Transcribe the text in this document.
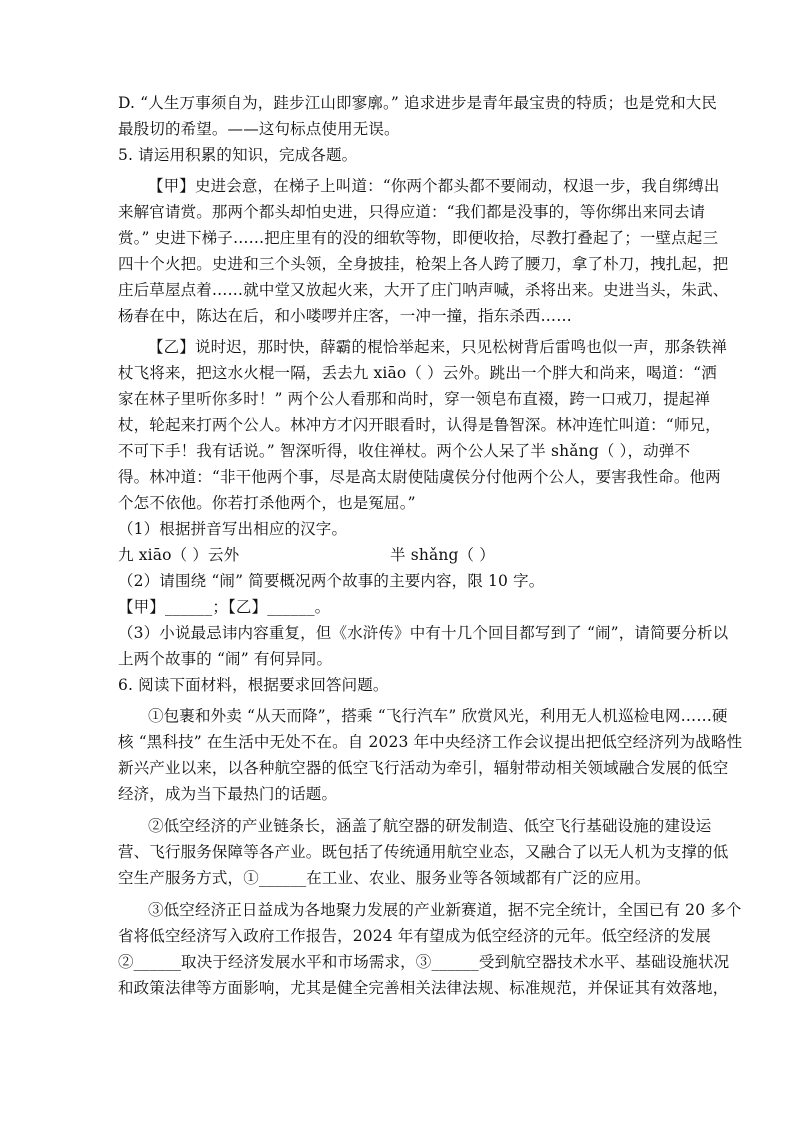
D. “人生万事须自为，跬步江山即寥廓。” 追求进步是青年最宝贵的特质；也是党和大民
最殷切的希望。——这句标点使用无误。
5. 请运用积累的知识，完成各题。
【甲】史进会意，在梯子上叫道：“你两个都头都不要闹动，权退一步，我自绑缚出
来解官请赏。那两个都头却怕史进，只得应道：“我们都是没事的，等你绑出来同去请
赏。” 史进下梯子……把庄里有的没的细软等物，即便收拾，尽教打叠起了；一壁点起三
四十个火把。史进和三个头领，全身披挂，枪架上各人跨了腰刀，拿了朴刀，拽扎起，把
庄后草屋点着……就中堂又放起火来，大开了庄门呐声喊，杀将出来。史进当头，朱武、
杨春在中，陈达在后，和小喽啰并庄客，一冲一撞，指东杀西……
【乙】说时迟，那时快，薛霸的棍恰举起来，只见松树背后雷鸣也似一声，那条铁禅
杖飞将来，把这水火棍一隔，丢去九 xiāo（ ）云外。跳出一个胖大和尚来，喝道：“洒
家在林子里听你多时！” 两个公人看那和尚时，穿一领皂布直裰，跨一口戒刀，提起禅
杖，轮起来打两个公人。林冲方才闪开眼看时，认得是鲁智深。林冲连忙叫道：“师兄，
不可下手！我有话说。” 智深听得，收住禅杖。两个公人呆了半 shǎng（ ），动弹不
得。林冲道：“非干他两个事，尽是高太尉使陆虞侯分付他两个公人，要害我性命。他两
个怎不依他。你若打杀他两个，也是冤屈。”
（1）根据拼音写出相应的汉字。
九 xiāo（ ）云外	半 shǎng（ ）
（2）请围绕 “闹” 简要概况两个故事的主要内容，限 10 字。
【甲】______；【乙】______。
（3）小说最忌讳内容重复，但《水浒传》中有十几个回目都写到了 “闹”，请简要分析以
上两个故事的 “闹” 有何异同。
6. 阅读下面材料，根据要求回答问题。
①包裹和外卖 “从天而降”，搭乘 “飞行汽车” 欣赏风光，利用无人机巡检电网……硬
核 “黑科技” 在生活中无处不在。自 2023 年中央经济工作会议提出把低空经济列为战略性
新兴产业以来，以各种航空器的低空飞行活动为牵引，辐射带动相关领域融合发展的低空
经济，成为当下最热门的话题。
②低空经济的产业链条长，涵盖了航空器的研发制造、低空飞行基础设施的建设运
营、飞行服务保障等各产业。既包括了传统通用航空业态，又融合了以无人机为支撑的低
空生产服务方式，①______在工业、农业、服务业等各领域都有广泛的应用。
③低空经济正日益成为各地聚力发展的产业新赛道，据不完全统计，全国已有 20 多个
省将低空经济写入政府工作报告，2024 年有望成为低空经济的元年。低空经济的发展
②______取决于经济发展水平和市场需求，③______受到航空器技术水平、基础设施状况
和政策法律等方面影响，尤其是健全完善相关法律法规、标准规范，并保证其有效落地，
